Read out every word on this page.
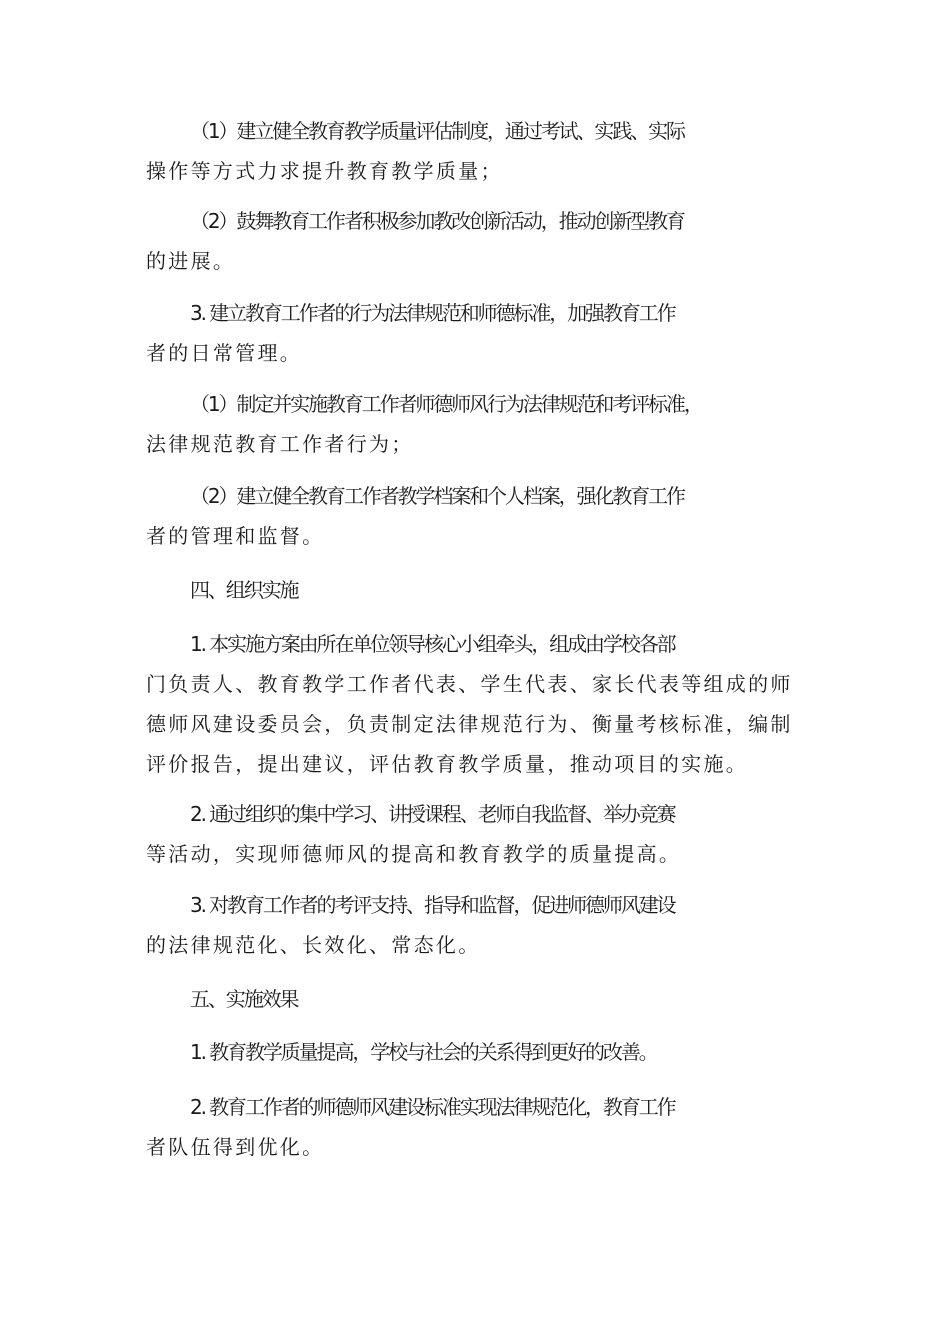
（1）建立健全教育教学质量评估制度，通过考试、实践、实际
操作等方式力求提升教育教学质量；
（2）鼓舞教育工作者积极参加教改创新活动，推动创新型教育
的进展。
3. 建立教育工作者的行为法律规范和师德标准，加强教育工作
者的日常管理。
（1）制定并实施教育工作者师德师风行为法律规范和考评标准，
法律规范教育工作者行为；
（2）建立健全教育工作者教学档案和个人档案，强化教育工作
者的管理和监督。
四、组织实施
1. 本实施方案由所在单位领导核心小组牵头，组成由学校各部
门负责人、教育教学工作者代表、学生代表、家长代表等组成的师
德师风建设委员会，负责制定法律规范行为、衡量考核标准，编制
评价报告，提出建议，评估教育教学质量，推动项目的实施。
2. 通过组织的集中学习、讲授课程、老师自我监督、举办竞赛
等活动，实现师德师风的提高和教育教学的质量提高。
3. 对教育工作者的考评支持、指导和监督，促进师德师风建设
的法律规范化、长效化、常态化。
五、实施效果
1. 教育教学质量提高，学校与社会的关系得到更好的改善。
2. 教育工作者的师德师风建设标准实现法律规范化，教育工作
者队伍得到优化。
